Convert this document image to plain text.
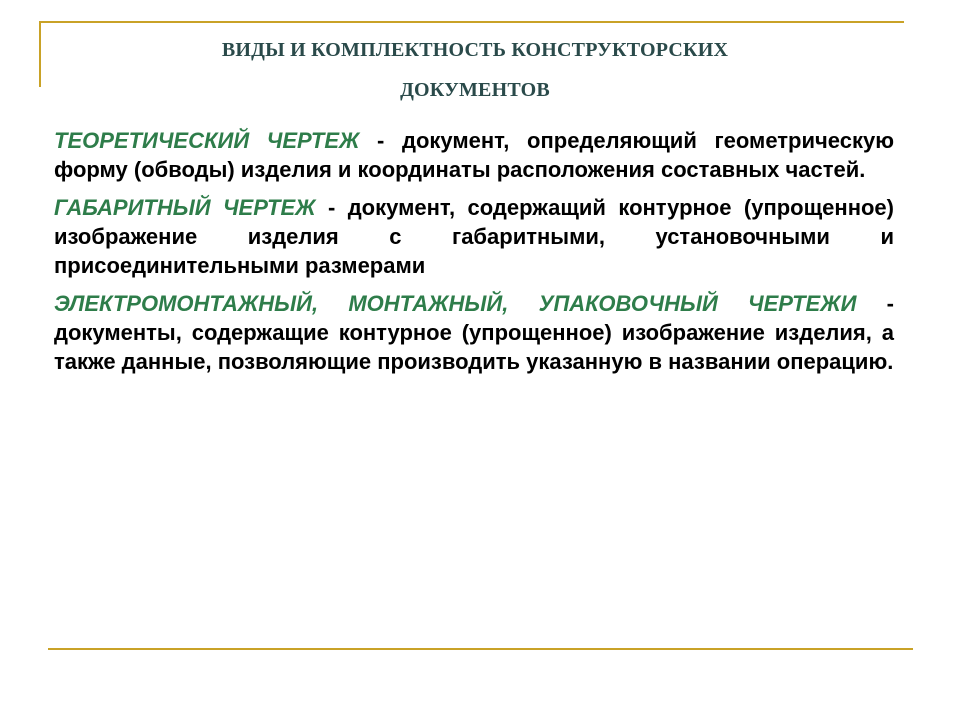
ВИДЫ И КОМПЛЕКТНОСТЬ КОНСТРУКТОРСКИХ
ДОКУМЕНТОВ

ТЕОРЕТИЧЕСКИЙ ЧЕРТЕЖ - документ, определяющий геометрическую форму (обводы) изделия и координаты расположения составных частей.

ГАБАРИТНЫЙ ЧЕРТЕЖ - документ, содержащий контурное (упрощенное) изображение изделия с габаритными, установочными и присоединительными размерами

ЭЛЕКТРОМОНТАЖНЫЙ, МОНТАЖНЫЙ, УПАКОВОЧНЫЙ ЧЕРТЕЖИ - документы, содержащие контурное (упрощенное) изображение изделия, а также данные, позволяющие производить указанную в названии операцию.
